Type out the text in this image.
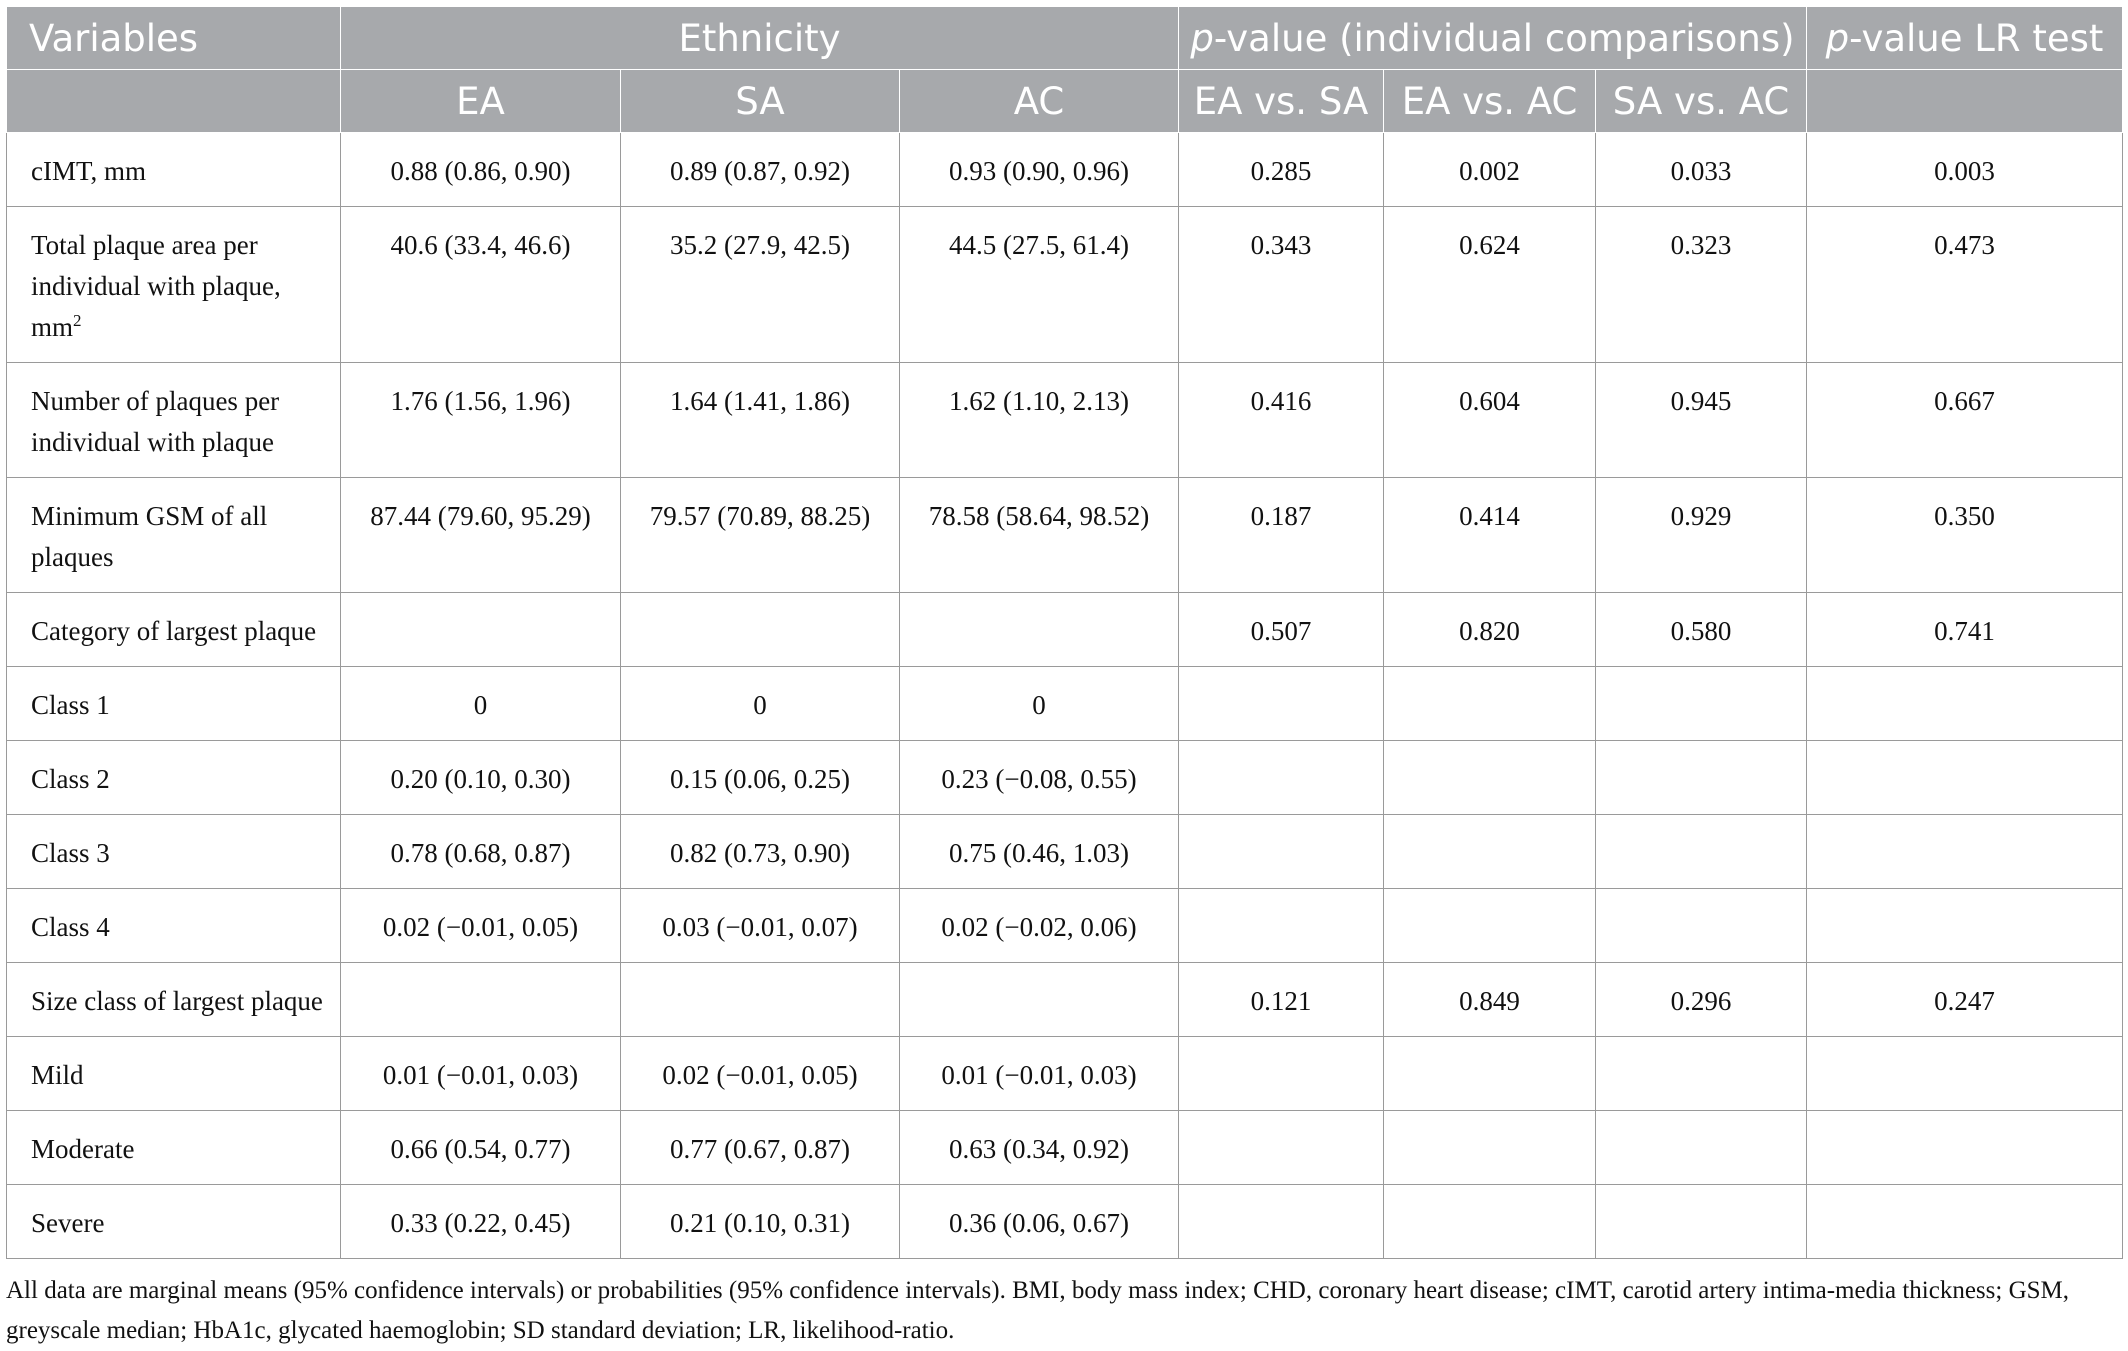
Variables	Ethnicity			p-value (individual comparisons)			p-value LR test
	EA	SA	AC	EA vs. SA	EA vs. AC	SA vs. AC	
cIMT, mm	0.88 (0.86, 0.90)	0.89 (0.87, 0.92)	0.93 (0.90, 0.96)	0.285	0.002	0.033	0.003
Total plaque area per individual with plaque, $mm^2$	40.6 (33.4, 46.6)	35.2 (27.9, 42.5)	44.5 (27.5, 61.4)	0.343	0.624	0.323	0.473
Number of plaques per individual with plaque	1.76 (1.56, 1.96)	1.64 (1.41, 1.86)	1.62 (1.10, 2.13)	0.416	0.604	0.945	0.667
Minimum GSM of all plaques	87.44 (79.60, 95.29)	79.57 (70.89, 88.25)	78.58 (58.64, 98.52)	0.187	0.414	0.929	0.350
Category of largest plaque				0.507	0.820	0.580	0.741
Class 1	0	0	0				
Class 2	0.20 (0.10, 0.30)	0.15 (0.06, 0.25)	0.23 (−0.08, 0.55)				
Class 3	0.78 (0.68, 0.87)	0.82 (0.73, 0.90)	0.75 (0.46, 1.03)				
Class 4	0.02 (−0.01, 0.05)	0.03 (−0.01, 0.07)	0.02 (−0.02, 0.06)				
Size class of largest plaque				0.121	0.849	0.296	0.247
Mild	0.01 (−0.01, 0.03)	0.02 (−0.01, 0.05)	0.01 (−0.01, 0.03)				
Moderate	0.66 (0.54, 0.77)	0.77 (0.67, 0.87)	0.63 (0.34, 0.92)				
Severe	0.33 (0.22, 0.45)	0.21 (0.10, 0.31)	0.36 (0.06, 0.67)				
All data are marginal means (95% confidence intervals) or probabilities (95% confidence intervals). BMI, body mass index; CHD, coronary heart disease; cIMT, carotid artery intima-media thickness; GSM, greyscale median; HbA1c, glycated haemoglobin; SD standard deviation; LR, likelihood-ratio.
